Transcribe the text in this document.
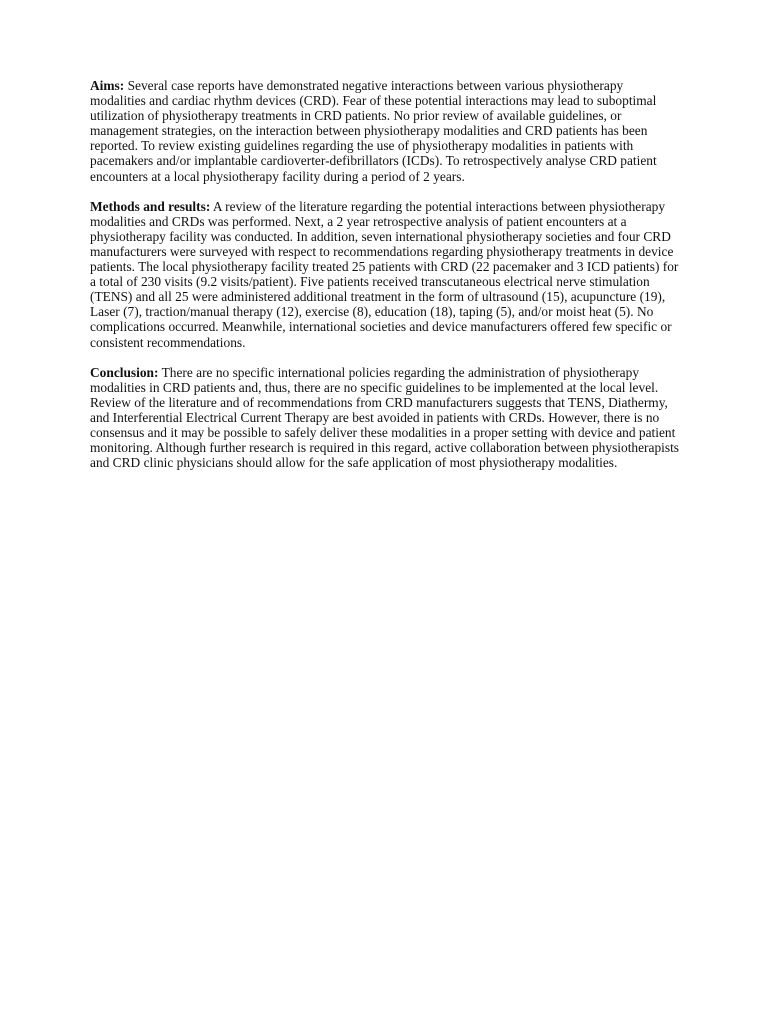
Aims: Several case reports have demonstrated negative interactions between various physiotherapy modalities and cardiac rhythm devices (CRD). Fear of these potential interactions may lead to suboptimal utilization of physiotherapy treatments in CRD patients. No prior review of available guidelines, or management strategies, on the interaction between physiotherapy modalities and CRD patients has been reported. To review existing guidelines regarding the use of physiotherapy modalities in patients with pacemakers and/or implantable cardioverter-defibrillators (ICDs). To retrospectively analyse CRD patient encounters at a local physiotherapy facility during a period of 2 years.

Methods and results: A review of the literature regarding the potential interactions between physiotherapy modalities and CRDs was performed. Next, a 2 year retrospective analysis of patient encounters at a physiotherapy facility was conducted. In addition, seven international physiotherapy societies and four CRD manufacturers were surveyed with respect to recommendations regarding physiotherapy treatments in device patients. The local physiotherapy facility treated 25 patients with CRD (22 pacemaker and 3 ICD patients) for a total of 230 visits (9.2 visits/patient). Five patients received transcutaneous electrical nerve stimulation (TENS) and all 25 were administered additional treatment in the form of ultrasound (15), acupuncture (19), Laser (7), traction/manual therapy (12), exercise (8), education (18), taping (5), and/or moist heat (5). No complications occurred. Meanwhile, international societies and device manufacturers offered few specific or consistent recommendations.

Conclusion: There are no specific international policies regarding the administration of physiotherapy modalities in CRD patients and, thus, there are no specific guidelines to be implemented at the local level. Review of the literature and of recommendations from CRD manufacturers suggests that TENS, Diathermy, and Interferential Electrical Current Therapy are best avoided in patients with CRDs. However, there is no consensus and it may be possible to safely deliver these modalities in a proper setting with device and patient monitoring. Although further research is required in this regard, active collaboration between physiotherapists and CRD clinic physicians should allow for the safe application of most physiotherapy modalities.
